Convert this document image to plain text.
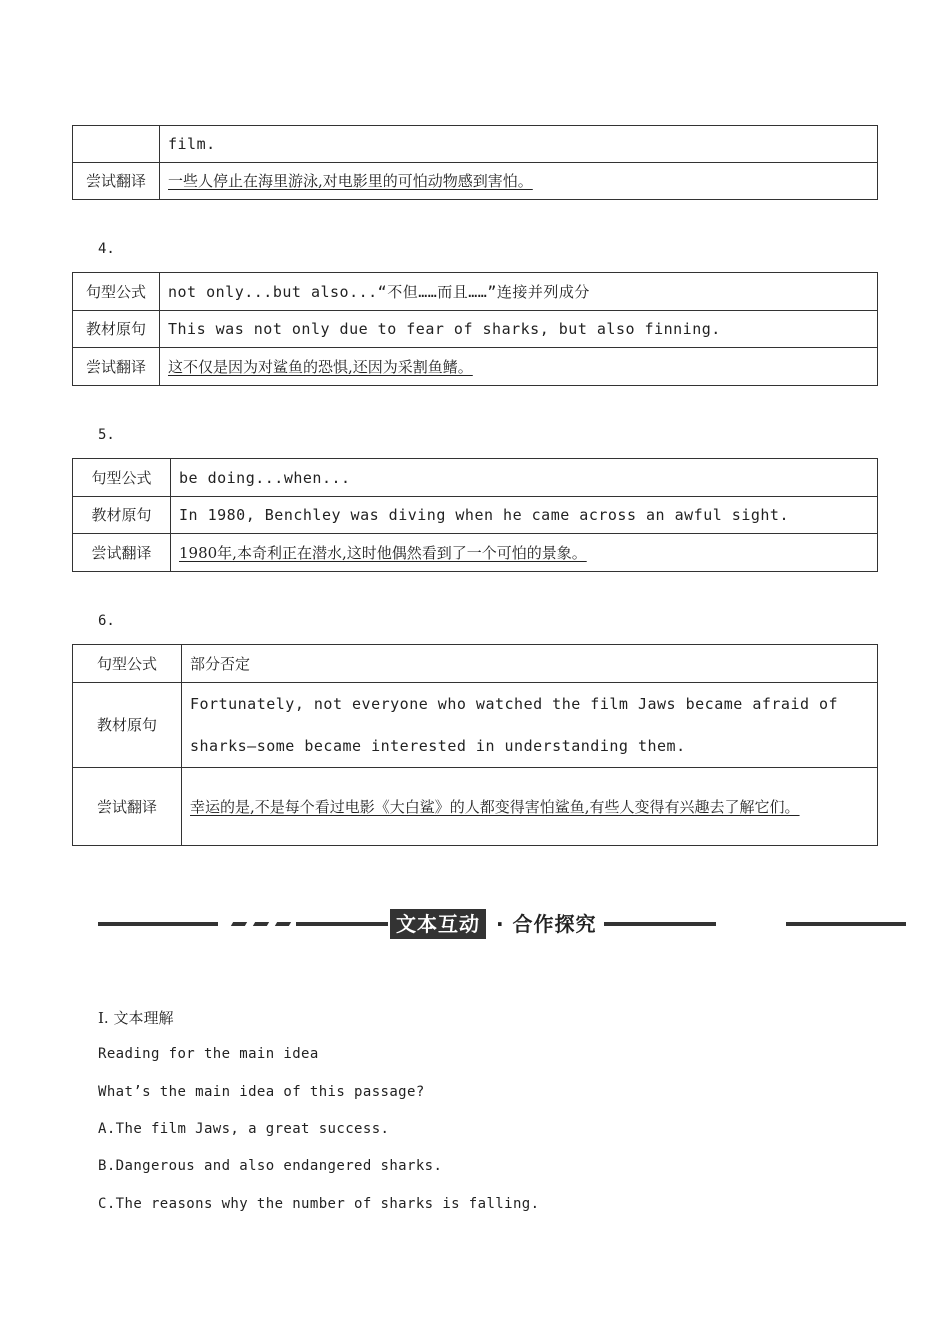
	film.
尝试翻译	一些人停止在海里游泳,对电影里的可怕动物感到害怕。
4.
句型公式	not only...but also...“不但……而且……”连接并列成分
教材原句	This was not only due to fear of sharks, but also finning.
尝试翻译	这不仅是因为对鲨鱼的恐惧,还因为采割鱼鳍。
5.
句型公式	be doing...when...
教材原句	In 1980, Benchley was diving when he came across an awful sight.
尝试翻译	1980年,本奇利正在潜水,这时他偶然看到了一个可怕的景象。
6.
句型公式	部分否定
教材原句	Fortunately, not everyone who watched the film Jaws became afraid of sharks—some became interested in understanding them.
尝试翻译	幸运的是,不是每个看过电影《大白鲨》的人都变得害怕鲨鱼,有些人变得有兴趣去了解它们。
文本互动 · 合作探究
Ⅰ. 文本理解
Reading for the main idea
What’s the main idea of this passage?
A.The film Jaws, a great success.
B.Dangerous and also endangered sharks.
C.The reasons why the number of sharks is falling.
